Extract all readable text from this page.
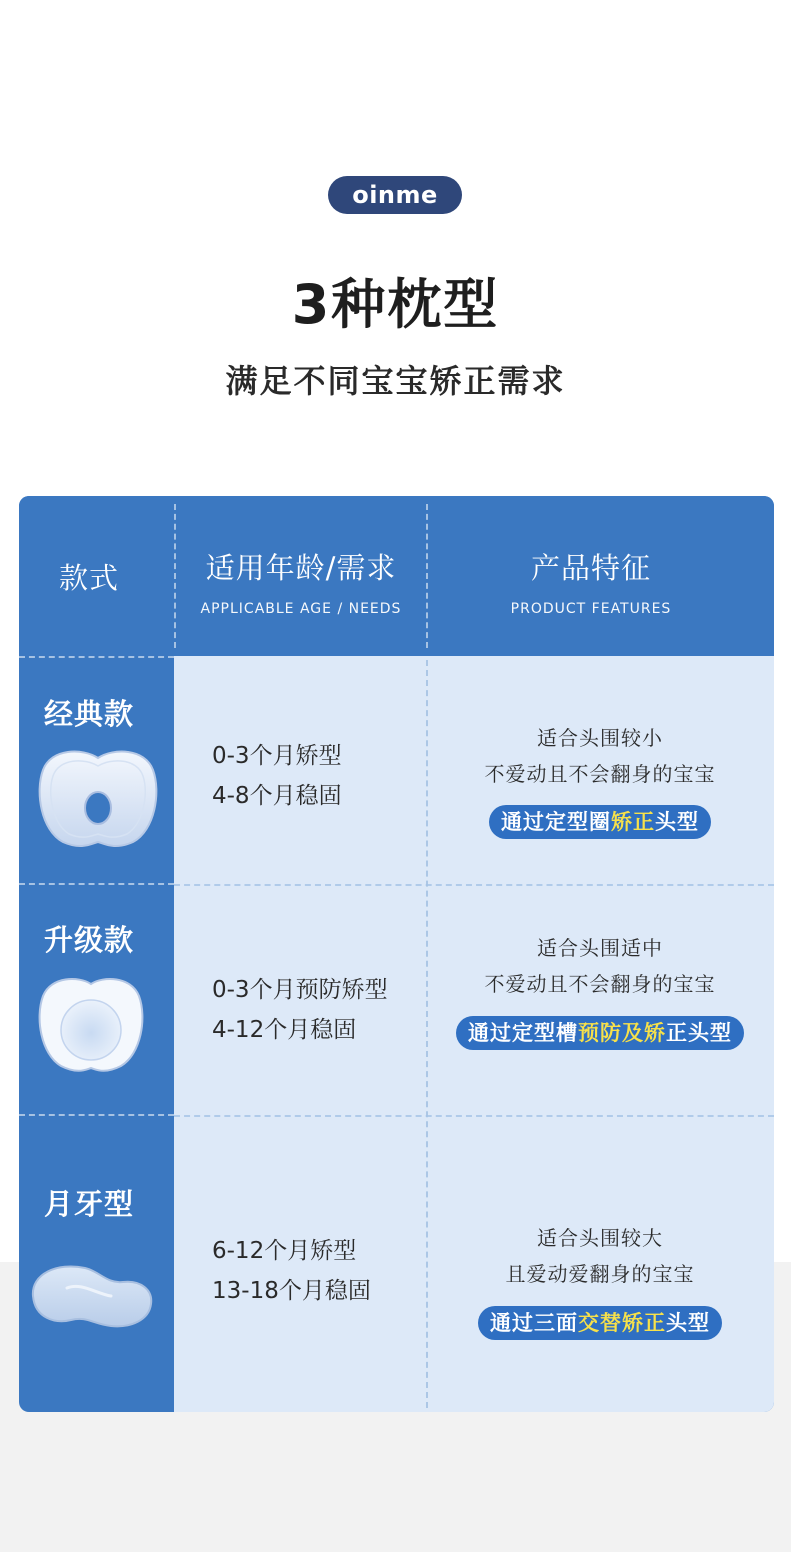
oinme
3种枕型
满足不同宝宝矫正需求
款式	适用年龄/需求
APPLICABLE AGE / NEEDS
产品特征
PRODUCT FEATURES
经典款
0-3个月矫型
4-8个月稳固
适合头围较小
不爱动且不会翻身的宝宝
通过定型圈矫正头型
升级款
0-3个月预防矫型
4-12个月稳固
适合头围适中
不爱动且不会翻身的宝宝
通过定型槽预防及矫正头型
月牙型
6-12个月矫型
13-18个月稳固
适合头围较大
且爱动爱翻身的宝宝
通过三面交替矫正头型
